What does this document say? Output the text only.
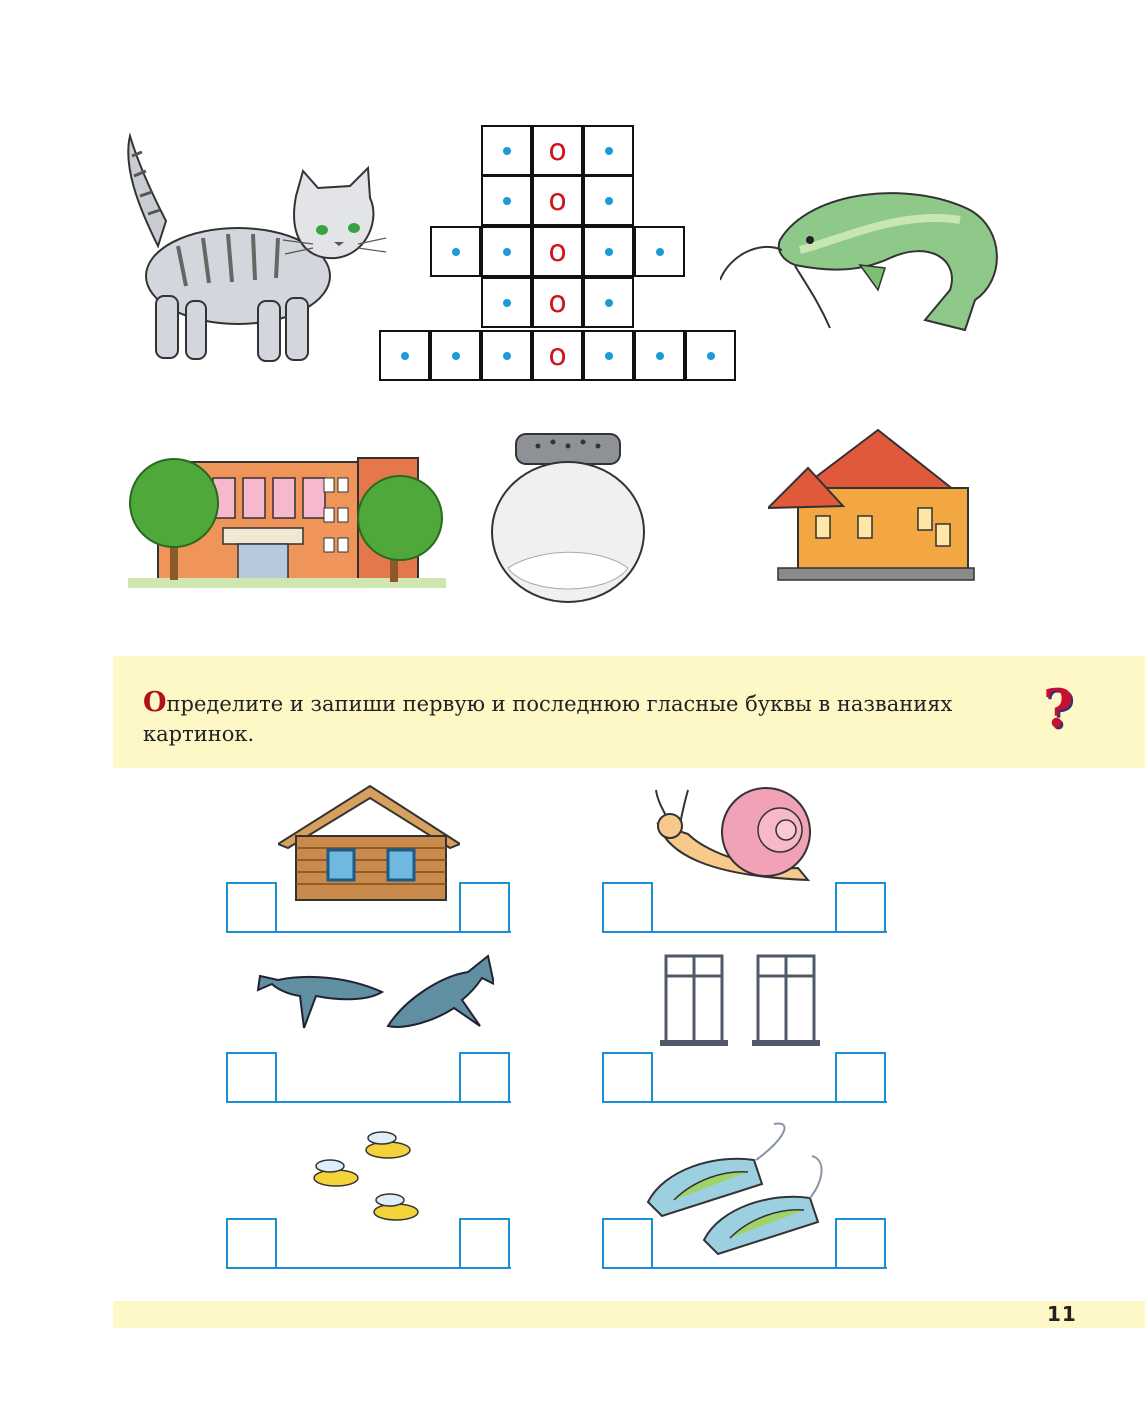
о
о
о
о
о
Определите и запиши первую и последнюю гласные буквы в названиях картинок.	?
11
